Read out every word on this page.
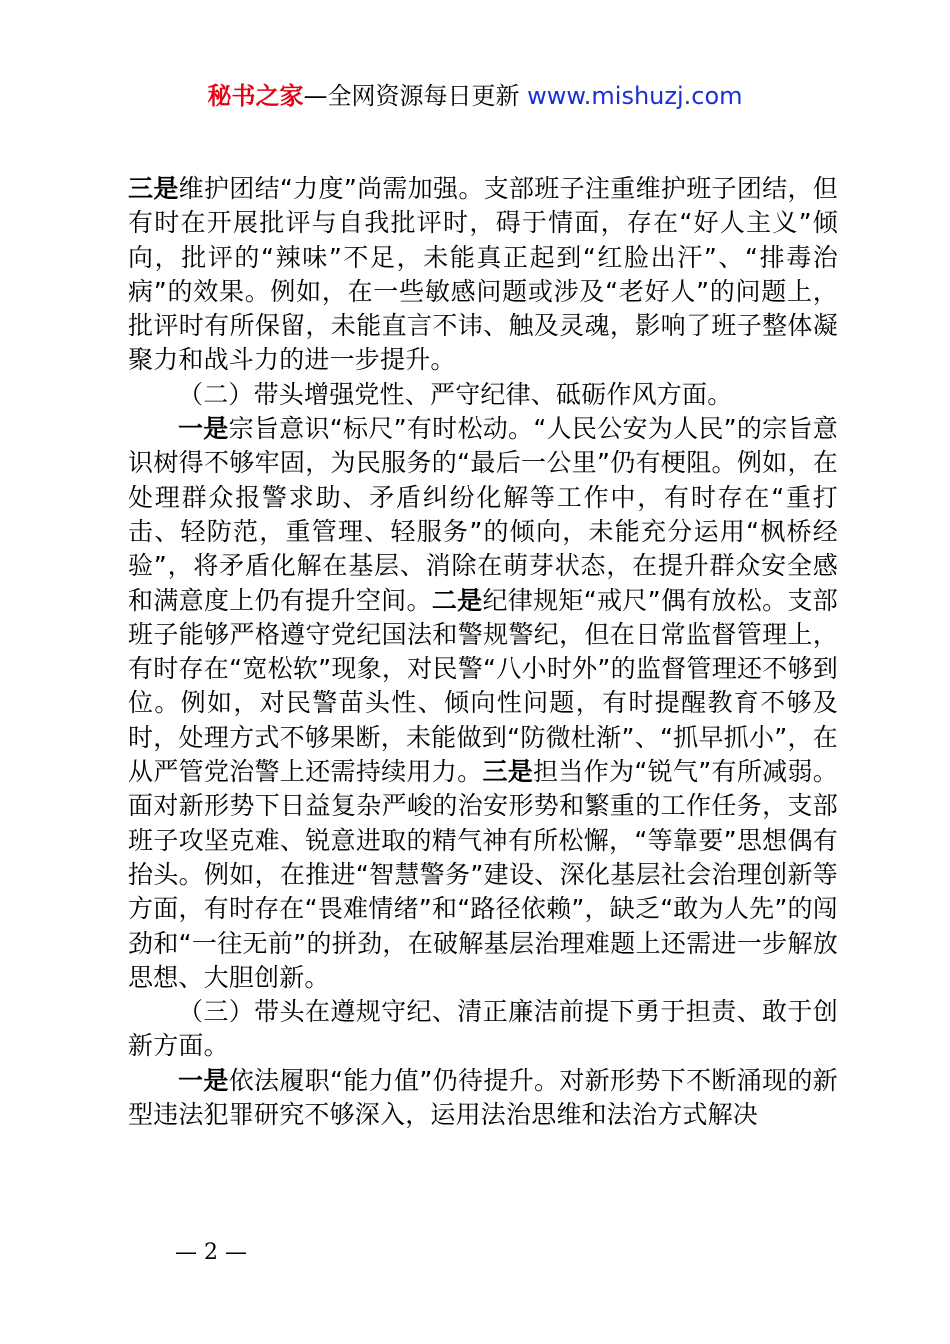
秘书之家—全网资源每日更新 www.mishuzj.com

三是维护团结“力度”尚需加强。支部班子注重维护班子团结，但有时在开展批评与自我批评时，碍于情面，存在“好人主义”倾向，批评的“辣味”不足，未能真正起到“红脸出汗”、“排毒治病”的效果。例如，在一些敏感问题或涉及“老好人”的问题上，批评时有所保留，未能直言不讳、触及灵魂，影响了班子整体凝聚力和战斗力的进一步提升。

（二）带头增强党性、严守纪律、砥砺作风方面。

一是宗旨意识“标尺”有时松动。“人民公安为人民”的宗旨意识树得不够牢固，为民服务的“最后一公里”仍有梗阻。例如，在处理群众报警求助、矛盾纠纷化解等工作中，有时存在“重打击、轻防范，重管理、轻服务”的倾向，未能充分运用“枫桥经验”，将矛盾化解在基层、消除在萌芽状态，在提升群众安全感和满意度上仍有提升空间。二是纪律规矩“戒尺”偶有放松。支部班子能够严格遵守党纪国法和警规警纪，但在日常监督管理上，有时存在“宽松软”现象，对民警“八小时外”的监督管理还不够到位。例如，对民警苗头性、倾向性问题，有时提醒教育不够及时，处理方式不够果断，未能做到“防微杜渐”、“抓早抓小”，在从严管党治警上还需持续用力。三是担当作为“锐气”有所减弱。面对新形势下日益复杂严峻的治安形势和繁重的工作任务，支部班子攻坚克难、锐意进取的精气神有所松懈，“等靠要”思想偶有抬头。例如，在推进“智慧警务”建设、深化基层社会治理创新等方面，有时存在“畏难情绪”和“路径依赖”，缺乏“敢为人先”的闯劲和“一往无前”的拼劲，在破解基层治理难题上还需进一步解放思想、大胆创新。

（三）带头在遵规守纪、清正廉洁前提下勇于担责、敢于创新方面。

一是依法履职“能力值”仍待提升。对新形势下不断涌现的新型违法犯罪研究不够深入，运用法治思维和法治方式解决

— 2 —
